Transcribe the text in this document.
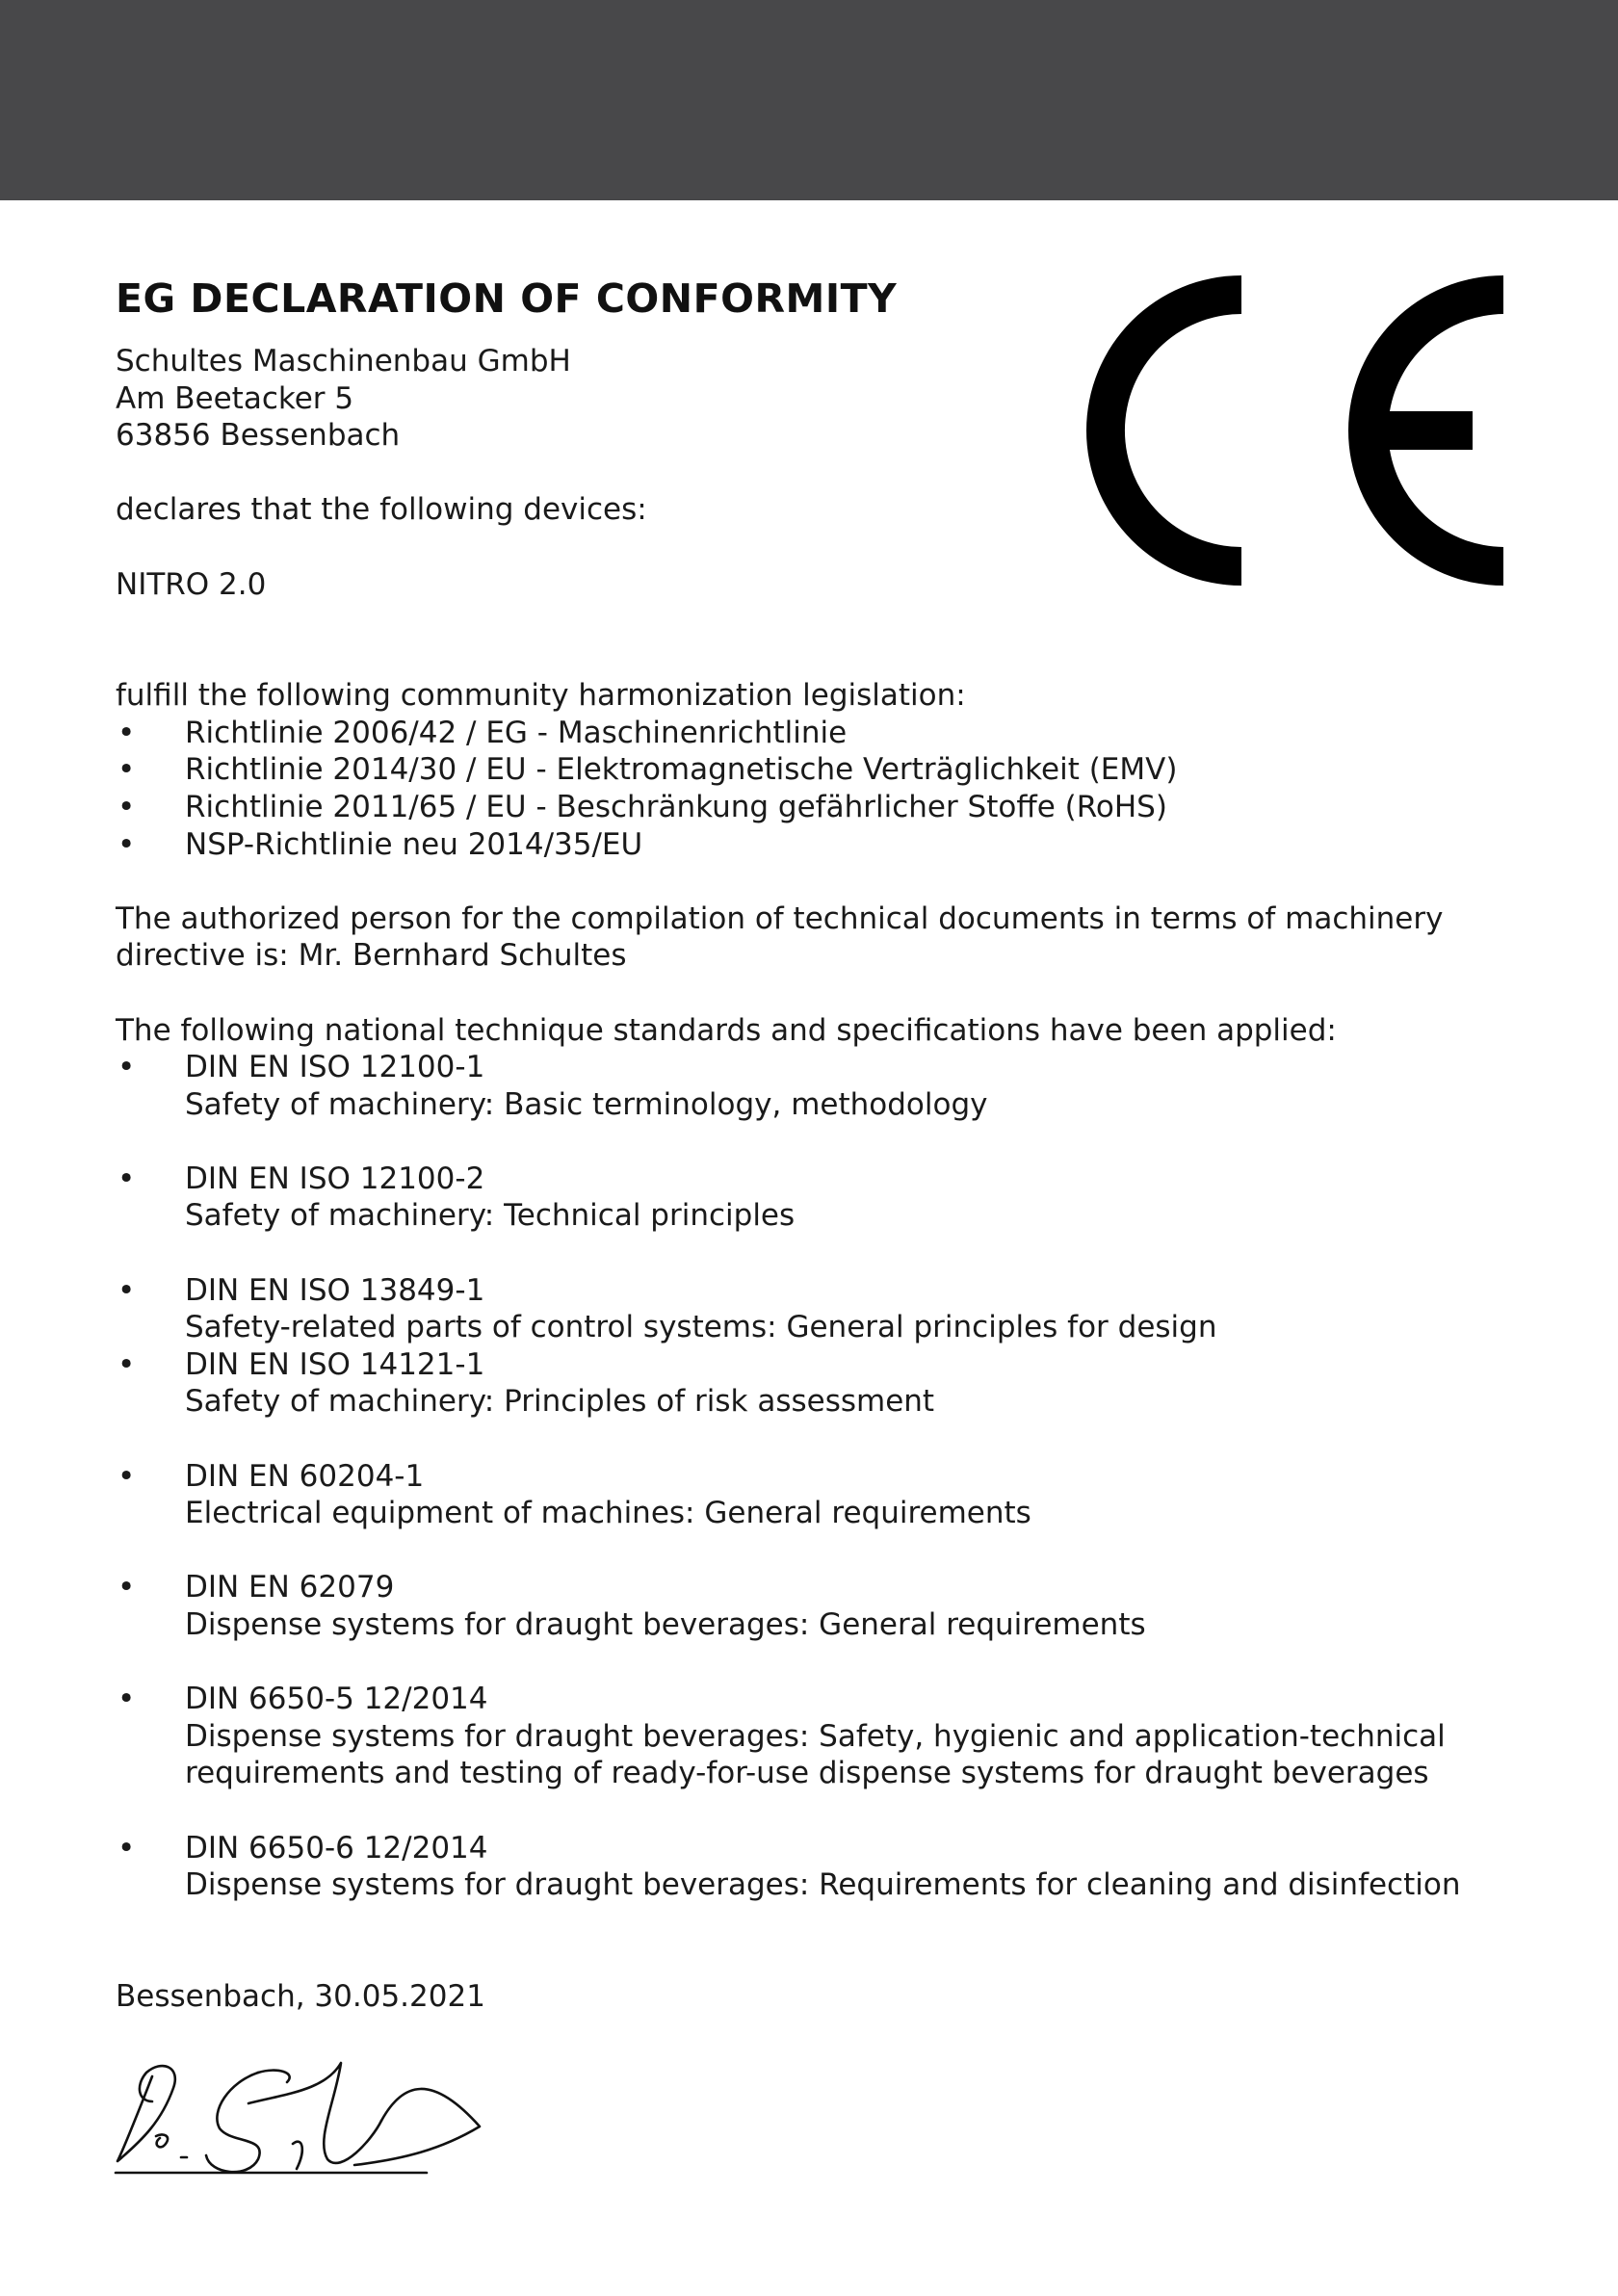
EG DECLARATION OF CONFORMITY

Schultes Maschinenbau GmbH

Am Beetacker 5

63856 Bessenbach

declares that the following devices:

NITRO 2.0

fulfill the following community harmonization legislation:

• Richtlinie 2006/42 / EG - Maschinenrichtlinie
• Richtlinie 2014/30 / EU - Elektromagnetische Verträglichkeit (EMV)
• Richtlinie 2011/65 / EU - Beschränkung gefährlicher Stoffe (RoHS)
• NSP-Richtlinie neu 2014/35/EU

The authorized person for the compilation of technical documents in terms of machinery

directive is: Mr. Bernhard Schultes

The following national technique standards and specifications have been applied:

• DIN EN ISO 12100-1
Safety of machinery: Basic terminology, methodology
• DIN EN ISO 12100-2
Safety of machinery: Technical principles
• DIN EN ISO 13849-1
Safety-related parts of control systems: General principles for design
• DIN EN ISO 14121-1
Safety of machinery: Principles of risk assessment
• DIN EN 60204-1
Electrical equipment of machines: General requirements
• DIN EN 62079
Dispense systems for draught beverages: General requirements
• DIN 6650-5 12/2014
Dispense systems for draught beverages: Safety, hygienic and application-technical
requirements and testing of ready-for-use dispense systems for draught beverages
• DIN 6650-6 12/2014
Dispense systems for draught beverages: Requirements for cleaning and disinfection

Bessenbach, 30.05.2021
